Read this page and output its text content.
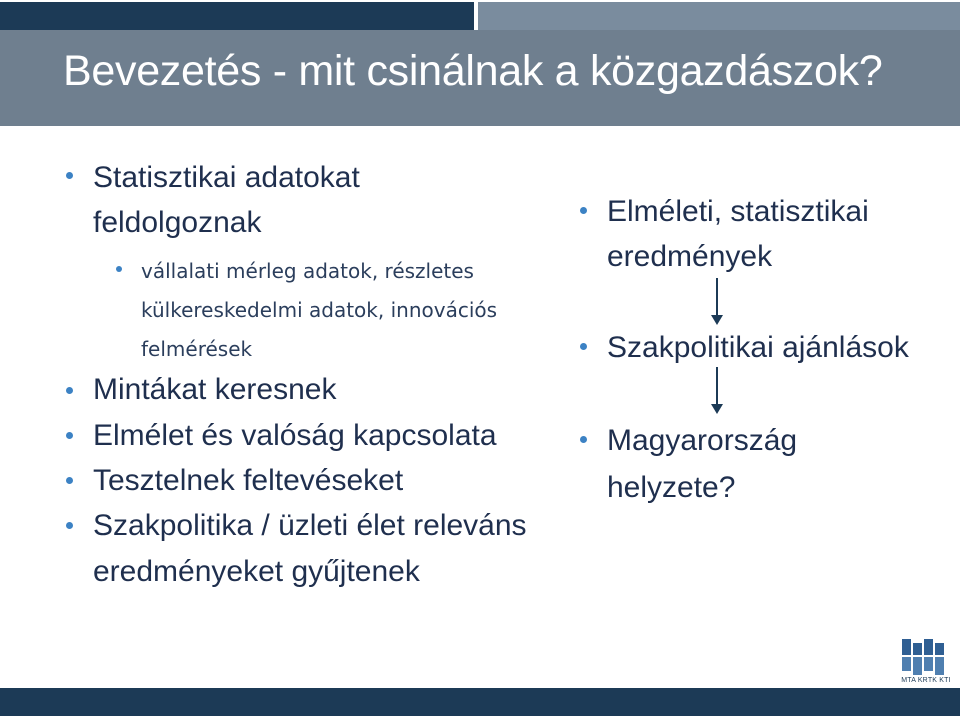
Bevezetés - mit csinálnak a közgazdászok?
Statisztikai adatokat
feldolgoznak
vállalati mérleg adatok, részletes
külkereskedelmi adatok, innovációs
felmérések
Mintákat keresnek
Elmélet és valóság kapcsolata
Tesztelnek feltevéseket
Szakpolitika / üzleti élet releváns
eredményeket gyűjtenek
Elméleti, statisztikai
eredmények
Szakpolitikai ajánlások
Magyarország
helyzete?
MTA KRTK KTI
